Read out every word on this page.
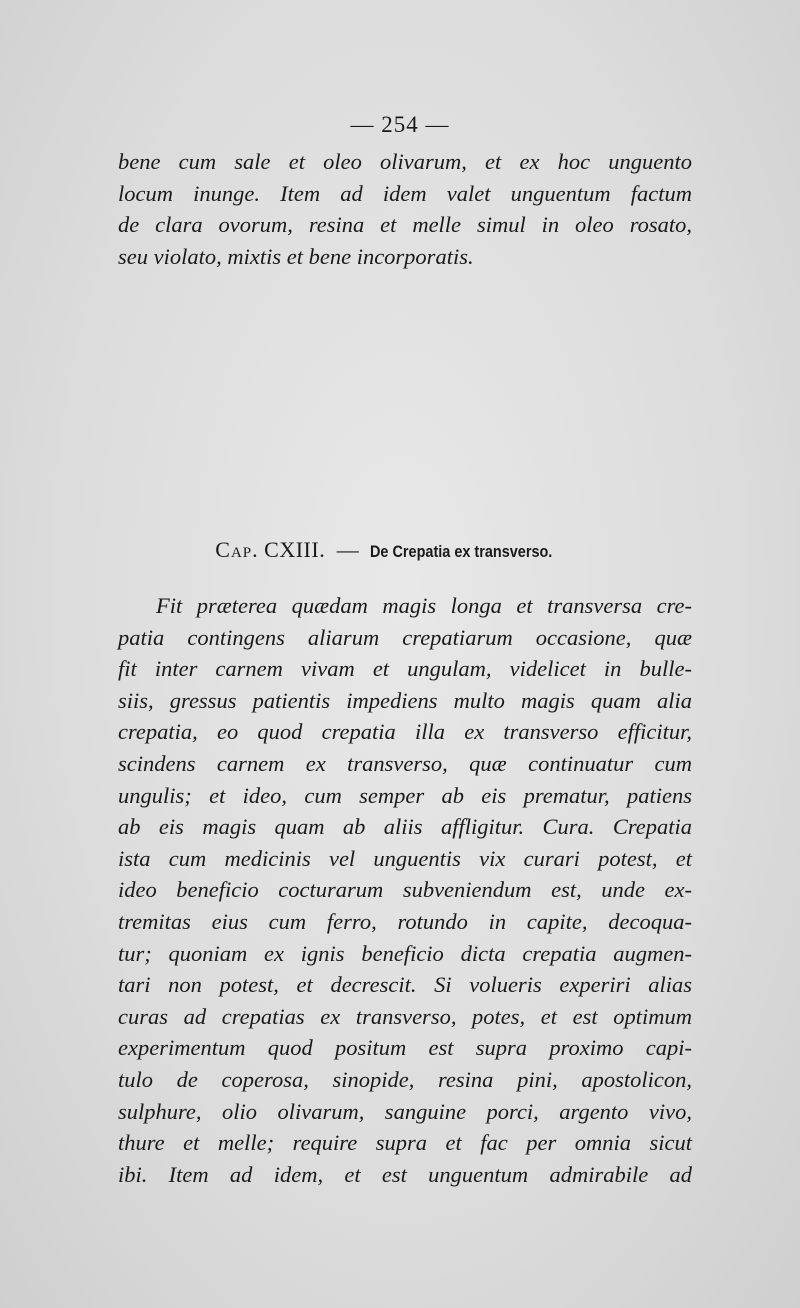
— 254 —
bene cum sale et oleo olivarum, et ex hoc unguento
locum inunge. Item ad idem valet unguentum factum
de clara ovorum, resina et melle simul in oleo rosato,
seu violato, mixtis et bene incorporatis.
Cap. CXIII. — De Crepatia ex transverso.
Fit præterea quædam magis longa et transversa cre-
patia contingens aliarum crepatiarum occasione, quæ
fit inter carnem vivam et ungulam, videlicet in bulle-
siis, gressus patientis impediens multo magis quam alia
crepatia, eo quod crepatia illa ex transverso efficitur,
scindens carnem ex transverso, quæ continuatur cum
ungulis; et ideo, cum semper ab eis prematur, patiens
ab eis magis quam ab aliis affligitur. Cura. Crepatia
ista cum medicinis vel unguentis vix curari potest, et
ideo beneficio cocturarum subveniendum est, unde ex-
tremitas eius cum ferro, rotundo in capite, decoqua-
tur; quoniam ex ignis beneficio dicta crepatia augmen-
tari non potest, et decrescit. Si volueris experiri alias
curas ad crepatias ex transverso, potes, et est optimum
experimentum quod positum est supra proximo capi-
tulo de coperosa, sinopide, resina pini, apostolicon,
sulphure, olio olivarum, sanguine porci, argento vivo,
thure et melle; require supra et fac per omnia sicut
ibi. Item ad idem, et est unguentum admirabile ad
